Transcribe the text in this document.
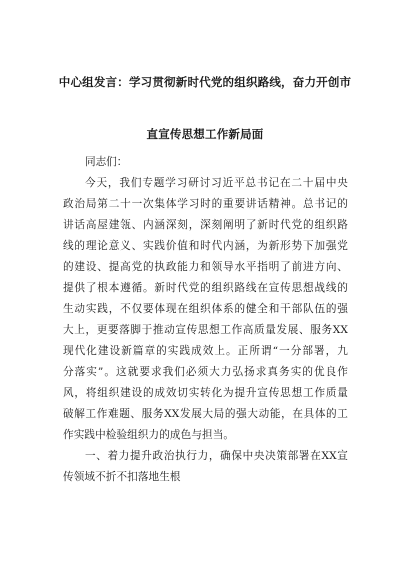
中心组发言：学习贯彻新时代党的组织路线，奋力开创市
直宣传思想工作新局面
同志们：
今天，我们专题学习研讨习近平总书记在二十届中央
政治局第二十一次集体学习时的重要讲话精神。总书记的
讲话高屋建瓴、内涵深刻，深刻阐明了新时代党的组织路
线的理论意义、实践价值和时代内涵，为新形势下加强党
的建设、提高党的执政能力和领导水平指明了前进方向、
提供了根本遵循。新时代党的组织路线在宣传思想战线的
生动实践，不仅要体现在组织体系的健全和干部队伍的强
大上，更要落脚于推动宣传思想工作高质量发展、服务XX
现代化建设新篇章的实践成效上。正所谓“一分部署，九
分落实”。这就要求我们必须大力弘扬求真务实的优良作
风，将组织建设的成效切实转化为提升宣传思想工作质量
破解工作难题、服务XX发展大局的强大动能，在具体的工
作实践中检验组织力的成色与担当。
一、着力提升政治执行力，确保中央决策部署在XX宣
传领域不折不扣落地生根
